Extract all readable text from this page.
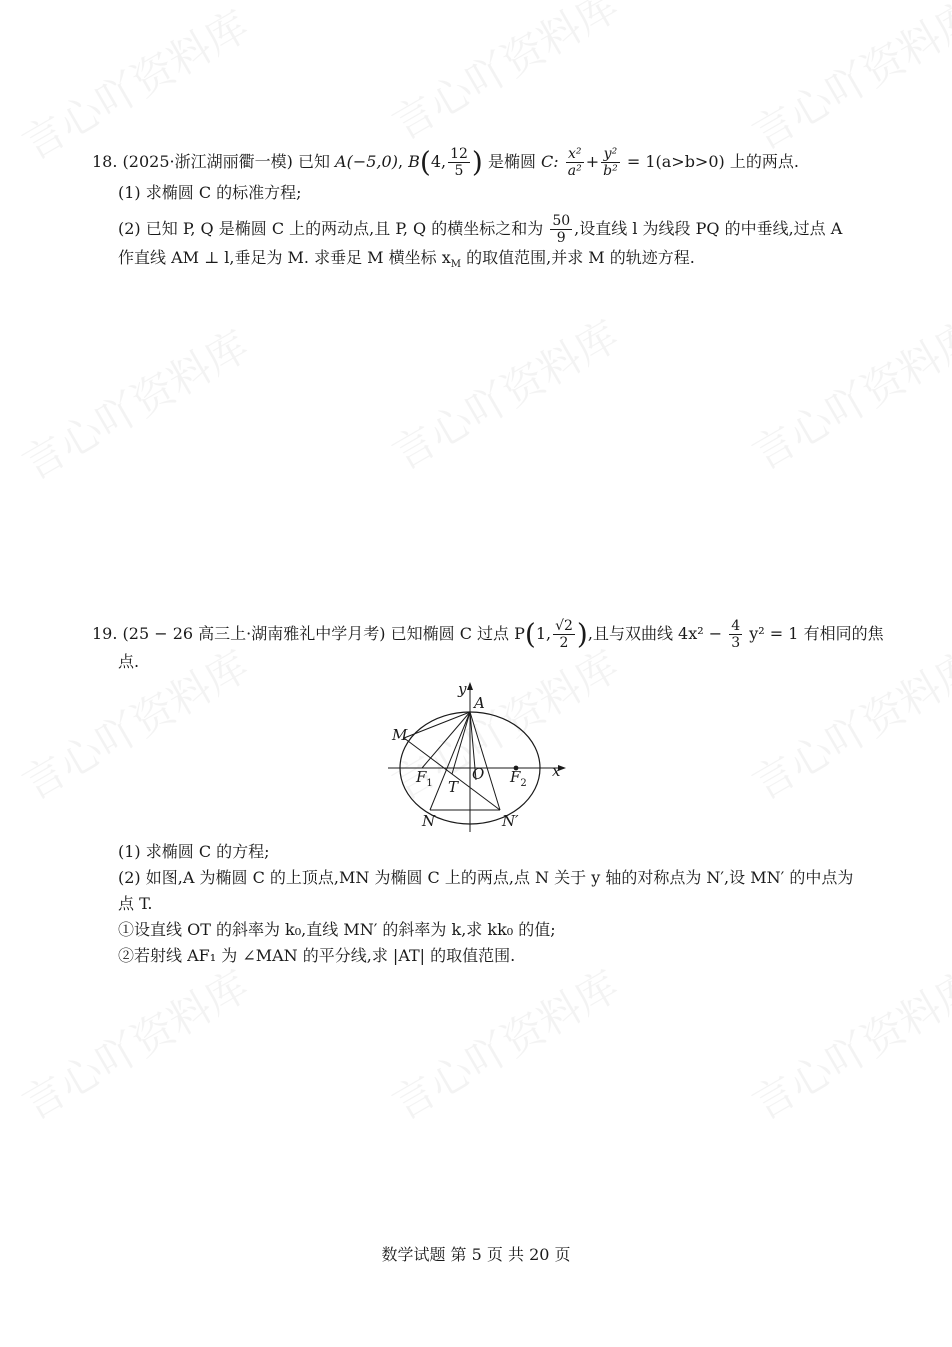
18. (2025·浙江湖丽衢一模) 已知 A(−5,0), B(4, $\frac{12}{5}$ ) 是椭圆 C: $\frac{\text{x²}}{\text{a²}} + \frac{\text{y²}}{\text{b²}} = 1(a>b>0)$ 上的两点.
(1) 求椭圆 C 的标准方程;
(2) 已知 P, Q 是椭圆 C 上的两动点,且 P, Q 的横坐标之和为 $\frac{50}{9}$ ,设直线 l 为线段 PQ 的中垂线,过点 A
作直线 AM ⊥ l,垂足为 M. 求垂足 M 横坐标 $x_M$ 的取值范围,并求 M 的轨迹方程.
19. (25 − 26 高三上·湖南雅礼中学月考) 已知椭圆 C 过点 P(1, $\frac{√2}{2}$ ),且与双曲线 $4x^2 - \frac{4}{3} y^2 = 1$ 有相同的焦
点.
y
A
M
$F_1$
O $F_2$
x
T
N	N′
(1) 求椭圆 C 的方程;
(2) 如图,A 为椭圆 C 的上顶点,MN 为椭圆 C 上的两点,点 N 关于 y 轴的对称点为 N′,设 MN′ 的中点为
点 T.
①设直线 OT 的斜率为 k₀,直线 MN′ 的斜率为 k,求 kk₀ 的值;
②若射线 AF₁ 为 ∠MAN 的平分线,求 |AT| 的取值范围.
数学试题 第 5 页 共 20 页
